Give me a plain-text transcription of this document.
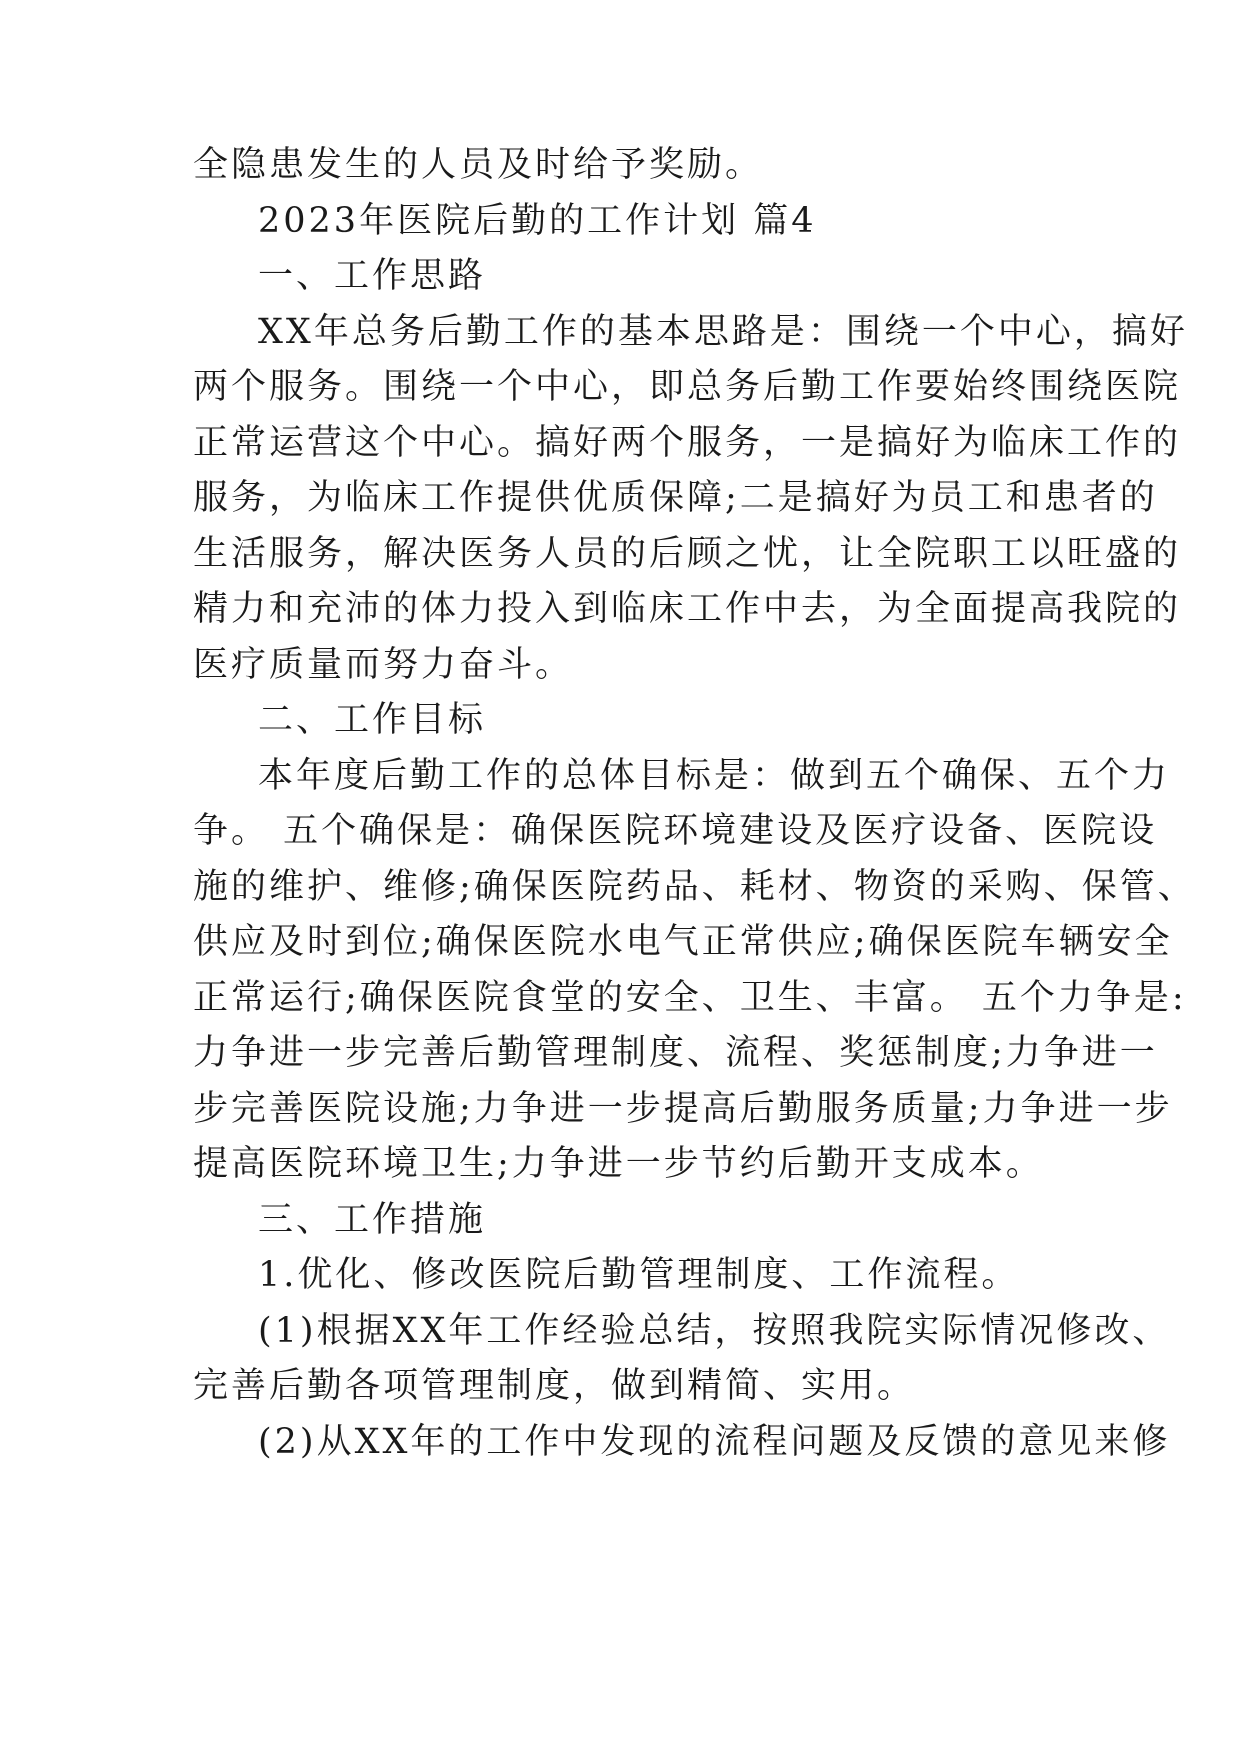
全隐患发生的人员及时给予奖励。
2023年医院后勤的工作计划 篇4
一、工作思路
XX年总务后勤工作的基本思路是：围绕一个中心，搞好
两个服务。围绕一个中心，即总务后勤工作要始终围绕医院
正常运营这个中心。搞好两个服务，一是搞好为临床工作的
服务，为临床工作提供优质保障;二是搞好为员工和患者的
生活服务，解决医务人员的后顾之忧，让全院职工以旺盛的
精力和充沛的体力投入到临床工作中去，为全面提高我院的
医疗质量而努力奋斗。
二、工作目标
本年度后勤工作的总体目标是：做到五个确保、五个力
争。 五个确保是：确保医院环境建设及医疗设备、医院设
施的维护、维修;确保医院药品、耗材、物资的采购、保管、
供应及时到位;确保医院水电气正常供应;确保医院车辆安全
正常运行;确保医院食堂的安全、卫生、丰富。 五个力争是:
力争进一步完善后勤管理制度、流程、奖惩制度;力争进一
步完善医院设施;力争进一步提高后勤服务质量;力争进一步
提高医院环境卫生;力争进一步节约后勤开支成本。
三、工作措施
1.优化、修改医院后勤管理制度、工作流程。
(1)根据XX年工作经验总结，按照我院实际情况修改、
完善后勤各项管理制度，做到精简、实用。
(2)从XX年的工作中发现的流程问题及反馈的意见来修
